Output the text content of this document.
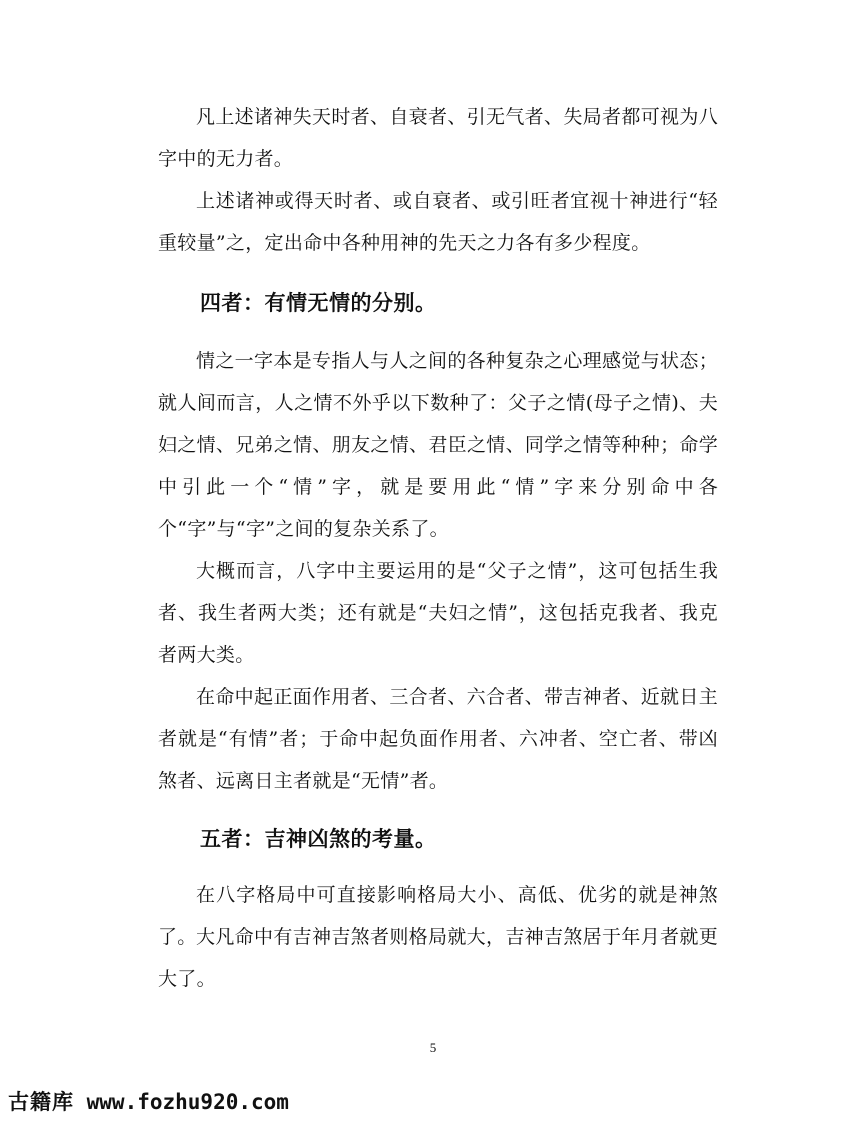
凡上述诸神失天时者、自衰者、引无气者、失局者都可视为八字中的无力者。

上述诸神或得天时者、或自衰者、或引旺者宜视十神进行“轻重较量”之，定出命中各种用神的先天之力各有多少程度。

四者：有情无情的分别。

情之一字本是专指人与人之间的各种复杂之心理感觉与状态；就人间而言，人之情不外乎以下数种了：父子之情(母子之情)、夫妇之情、兄弟之情、朋友之情、君臣之情、同学之情等种种；命学中引此一个“情”字，就是要用此“情”字来分别命中各个“字”与“字”之间的复杂关系了。

大概而言，八字中主要运用的是“父子之情”，这可包括生我者、我生者两大类；还有就是“夫妇之情”，这包括克我者、我克者两大类。

在命中起正面作用者、三合者、六合者、带吉神者、近就日主者就是“有情”者；于命中起负面作用者、六冲者、空亡者、带凶煞者、远离日主者就是“无情”者。

五者：吉神凶煞的考量。

在八字格局中可直接影响格局大小、高低、优劣的就是神煞了。 大凡命中有吉神吉煞者则格局就大，吉神吉煞居于年月者就更大了。

5
古籍库 www.fozhu920.com
